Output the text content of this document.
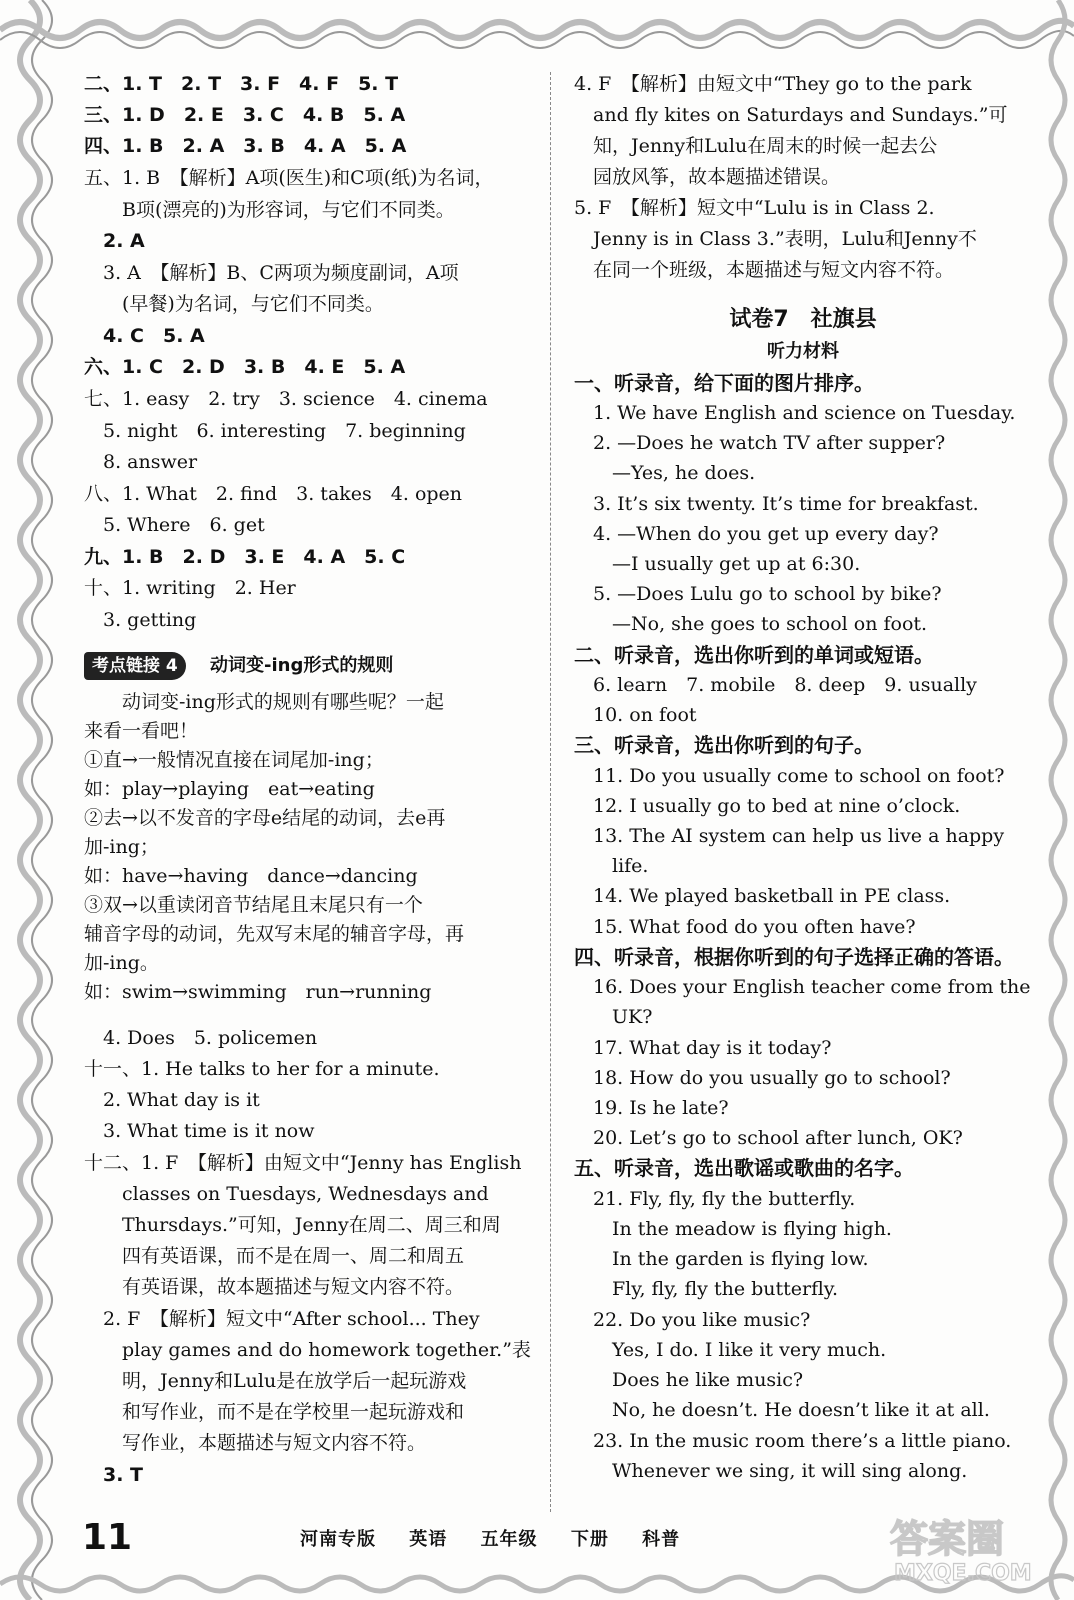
二、1. T　2. T　3. F　4. F　5. T
三、1. D　2. E　3. C　4. B　5. A
四、1. B　2. A　3. B　4. A　5. A
五、1. B　【解析】A项(医生)和C项(纸)为名词，
　　B项(漂亮的)为形容词，与它们不同类。
　2. A
　3. A　【解析】B、C两项为频度副词，A项
　　(早餐)为名词，与它们不同类。
　4. C　5. A
六、1. C　2. D　3. B　4. E　5. A
七、1. easy　2. try　3. science　4. cinema
　5. night　6. interesting　7. beginning
　8. answer
八、1. What　2. find　3. takes　4. open
　5. Where　6. get
九、1. B　2. D　3. E　4. A　5. C
十、1. writing　2. Her
　3. getting
考点链接 4	动词变-ing形式的规则
　　动词变-ing形式的规则有哪些呢？一起
来看一看吧！
①直→一般情况直接在词尾加-ing；
如：play→playing　eat→eating
②去→以不发音的字母e结尾的动词，去e再
加-ing；
如：have→having　dance→dancing
③双→以重读闭音节结尾且末尾只有一个
辅音字母的动词，先双写末尾的辅音字母，再
加-ing。
如：swim→swimming　run→running
　4. Does　5. policemen
十一、1. He talks to her for a minute.
　2. What day is it
　3. What time is it now
十二、1. F　【解析】由短文中“Jenny has English
　　classes on Tuesdays, Wednesdays and
　　Thursdays.”可知，Jenny在周二、周三和周
　　四有英语课，而不是在周一、周二和周五
　　有英语课，故本题描述与短文内容不符。
　2. F　【解析】短文中“After school... They
　　play games and do homework together.”表
　　明，Jenny和Lulu是在放学后一起玩游戏
　　和写作业，而不是在学校里一起玩游戏和
　　写作业，本题描述与短文内容不符。
　3. T
4. F　【解析】由短文中“They go to the park
　and fly kites on Saturdays and Sundays.”可
　知，Jenny和Lulu在周末的时候一起去公
　园放风筝，故本题描述错误。
5. F　【解析】短文中“Lulu is in Class 2.
　Jenny is in Class 3.”表明，Lulu和Jenny不
　在同一个班级，本题描述与短文内容不符。
试卷7　社旗县
听力材料
一、听录音，给下面的图片排序。
　1. We have English and science on Tuesday.
　2. —Does he watch TV after supper?
　　—Yes, he does.
　3. It’s six twenty. It’s time for breakfast.
　4. —When do you get up every day?
　　—I usually get up at 6:30.
　5. —Does Lulu go to school by bike?
　　—No, she goes to school on foot.
二、听录音，选出你听到的单词或短语。
　6. learn　7. mobile　8. deep　9. usually
　10. on foot
三、听录音，选出你听到的句子。
　11. Do you usually come to school on foot?
　12. I usually go to bed at nine o’clock.
　13. The AI system can help us live a happy
　　life.
　14. We played basketball in PE class.
　15. What food do you often have?
四、听录音，根据你听到的句子选择正确的答语。
　16. Does your English teacher come from the
　　UK?
　17. What day is it today?
　18. How do you usually go to school?
　19. Is he late?
　20. Let’s go to school after lunch, OK?
五、听录音，选出歌谣或歌曲的名字。
　21. Fly, fly, fly the butterfly.
　　In the meadow is flying high.
　　In the garden is flying low.
　　Fly, fly, fly the butterfly.
　22. Do you like music?
　　Yes, I do. I like it very much.
　　Does he like music?
　　No, he doesn’t. He doesn’t like it at all.
　23. In the music room there’s a little piano.
　　Whenever we sing, it will sing along.
11	河南专版 英语 五年级 下册 科普	答案圈
MXQE.COM
